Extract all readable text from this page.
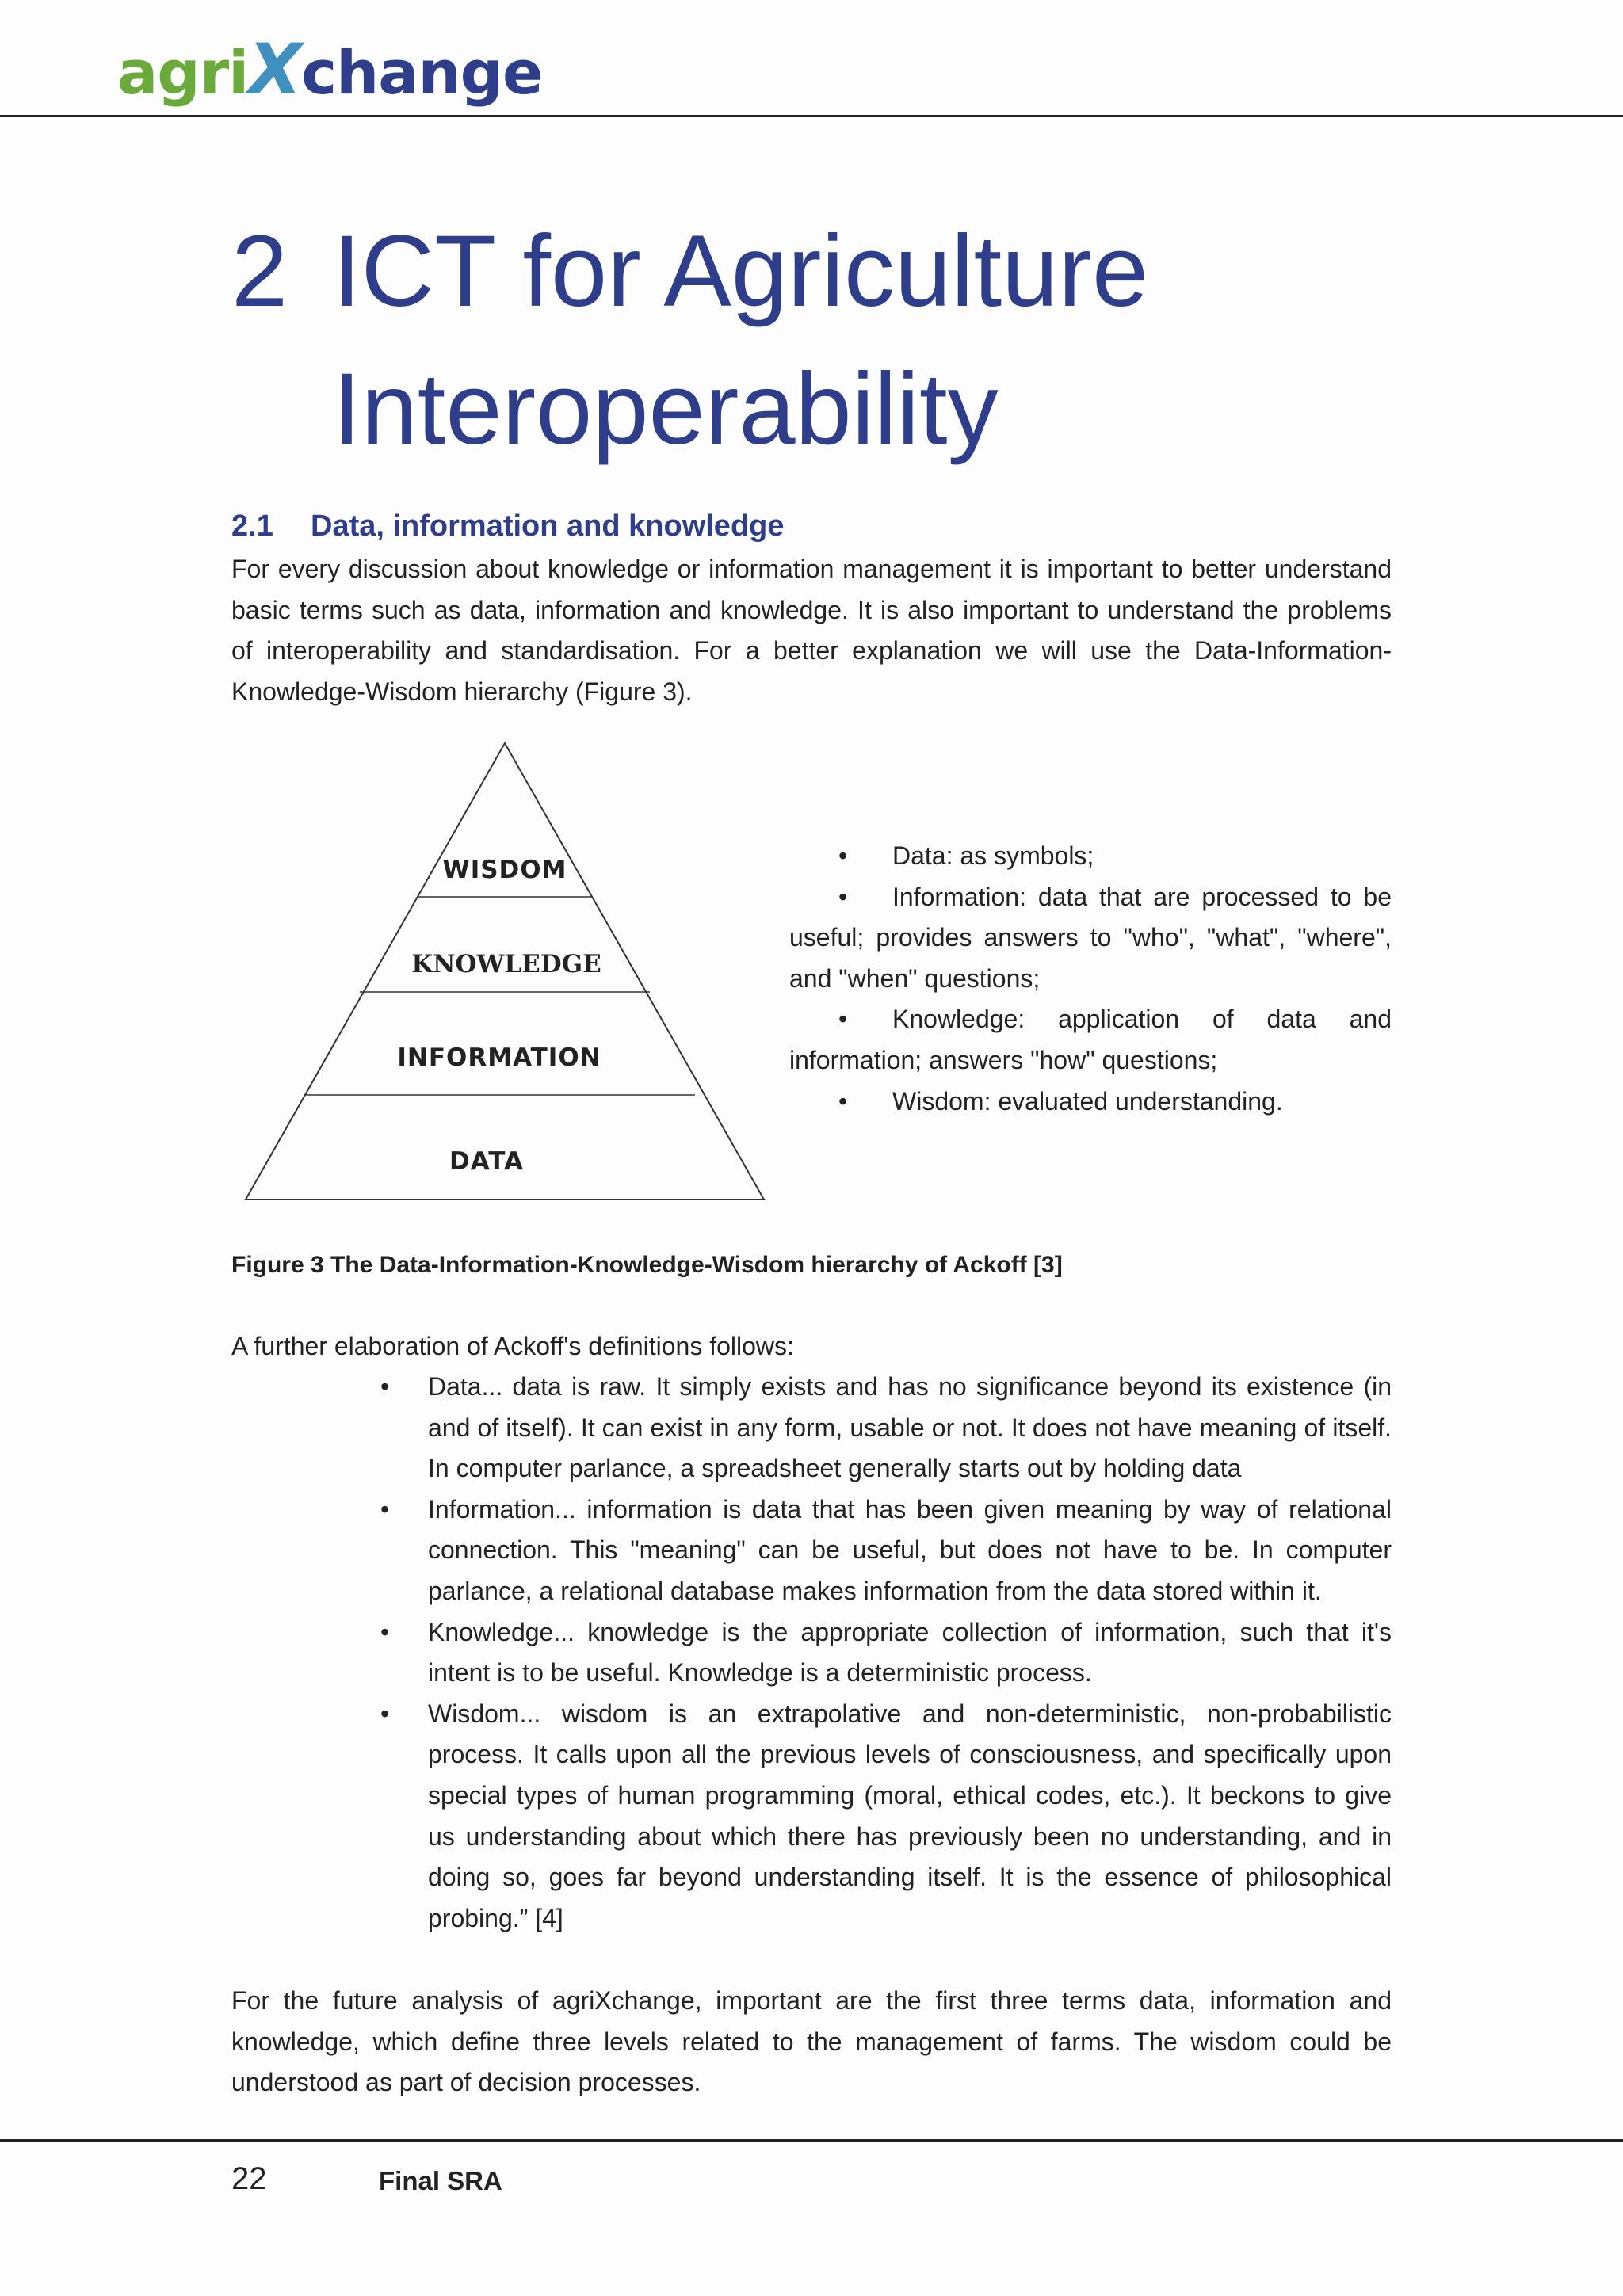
agriXchange
2 ICT for Agriculture
Interoperability
2.1 Data, information and knowledge

For every discussion about knowledge or information management it is important to better understand basic terms such as data, information and knowledge. It is also important to understand the problems of interoperability and standardisation. For a better explanation we will use the Data-Information-Knowledge-Wisdom hierarchy (Figure 3).

WISDOM
KNOWLEDGE
INFORMATION
DATA
• Data: as symbols;
• Information: data that are processed to be useful; provides answers to "who", "what", "where", and "when" questions;
• Knowledge: application of data and information; answers "how" questions;
• Wisdom: evaluated understanding.
Figure 3 The Data-Information-Knowledge-Wisdom hierarchy of Ackoff [3]

A further elaboration of Ackoff's definitions follows:

• Data... data is raw. It simply exists and has no significance beyond its existence (in and of itself). It can exist in any form, usable or not. It does not have meaning of itself. In computer parlance, a spreadsheet generally starts out by holding data
• Information... information is data that has been given meaning by way of relational connection. This "meaning" can be useful, but does not have to be. In computer parlance, a relational database makes information from the data stored within it.
• Knowledge... knowledge is the appropriate collection of information, such that it's intent is to be useful. Knowledge is a deterministic process.
• Wisdom... wisdom is an extrapolative and non-deterministic, non-probabilistic process. It calls upon all the previous levels of consciousness, and specifically upon special types of human programming (moral, ethical codes, etc.). It beckons to give us understanding about which there has previously been no understanding, and in doing so, goes far beyond understanding itself. It is the essence of philosophical probing.” [4]

For the future analysis of agriXchange, important are the first three terms data, information and knowledge, which define three levels related to the management of farms. The wisdom could be understood as part of decision processes.

22	Final SRA
